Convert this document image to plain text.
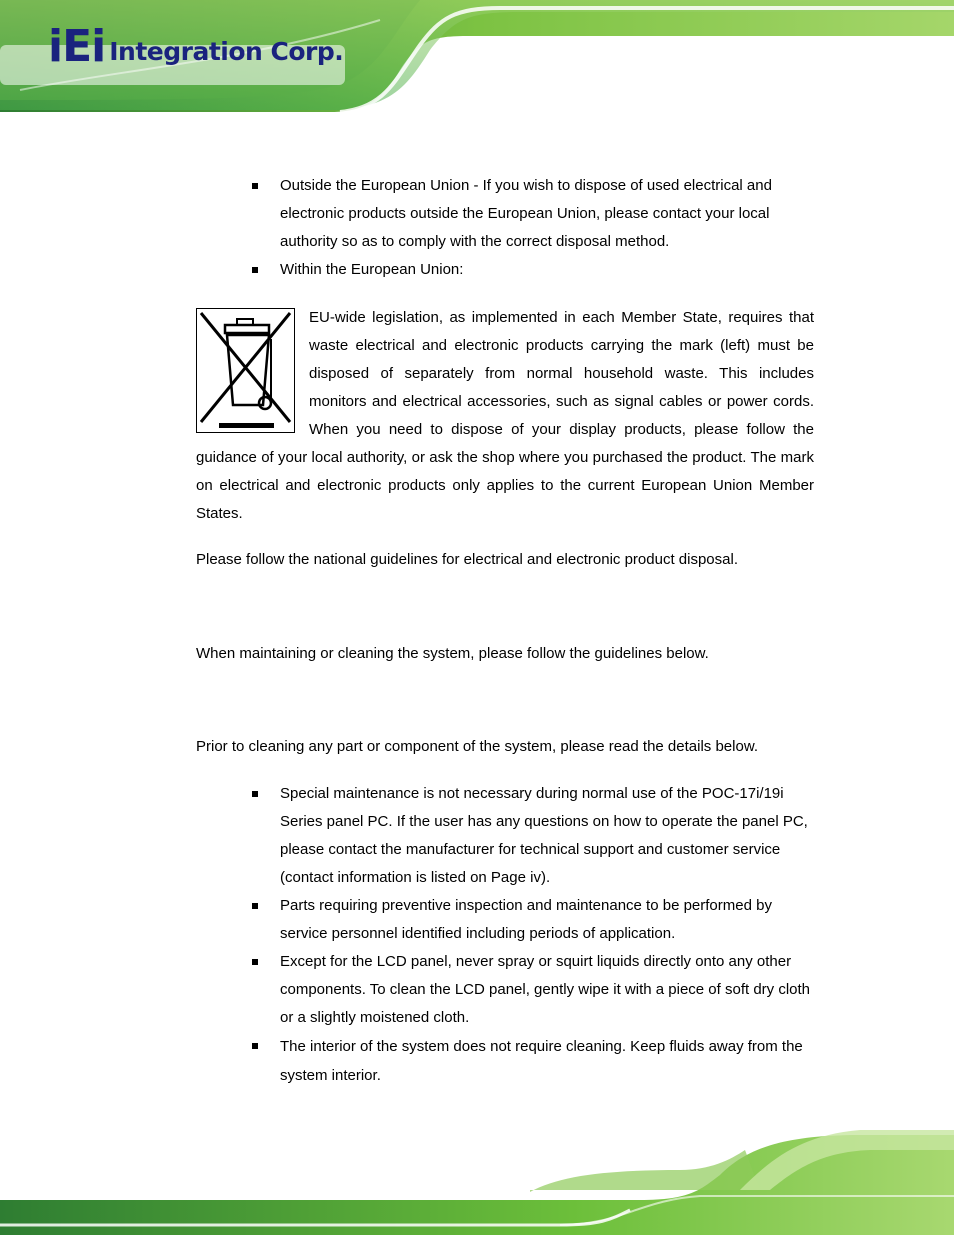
iEi Integration Corp.
Outside the European Union - If you wish to dispose of used electrical and electronic products outside the European Union, please contact your local authority so as to comply with the correct disposal method.
Within the European Union:

EU-wide legislation, as implemented in each Member State, requires that waste electrical and electronic products carrying the mark (left) must be disposed of separately from normal household waste. This includes monitors and electrical accessories, such as signal cables or power cords. When you need to dispose of your display products, please follow the guidance of your local authority, or ask the shop where you purchased the product. The mark on electrical and electronic products only applies to the current European Union Member States.

Please follow the national guidelines for electrical and electronic product disposal.

When maintaining or cleaning the system, please follow the guidelines below.

Prior to cleaning any part or component of the system, please read the details below.

Special maintenance is not necessary during normal use of the POC-17i/19i Series panel PC. If the user has any questions on how to operate the panel PC, please contact the manufacturer for technical support and customer service (contact information is listed on Page iv).
Parts requiring preventive inspection and maintenance to be performed by service personnel identified including periods of application.
Except for the LCD panel, never spray or squirt liquids directly onto any other components. To clean the LCD panel, gently wipe it with a piece of soft dry cloth or a slightly moistened cloth.
The interior of the system does not require cleaning. Keep fluids away from the system interior.
